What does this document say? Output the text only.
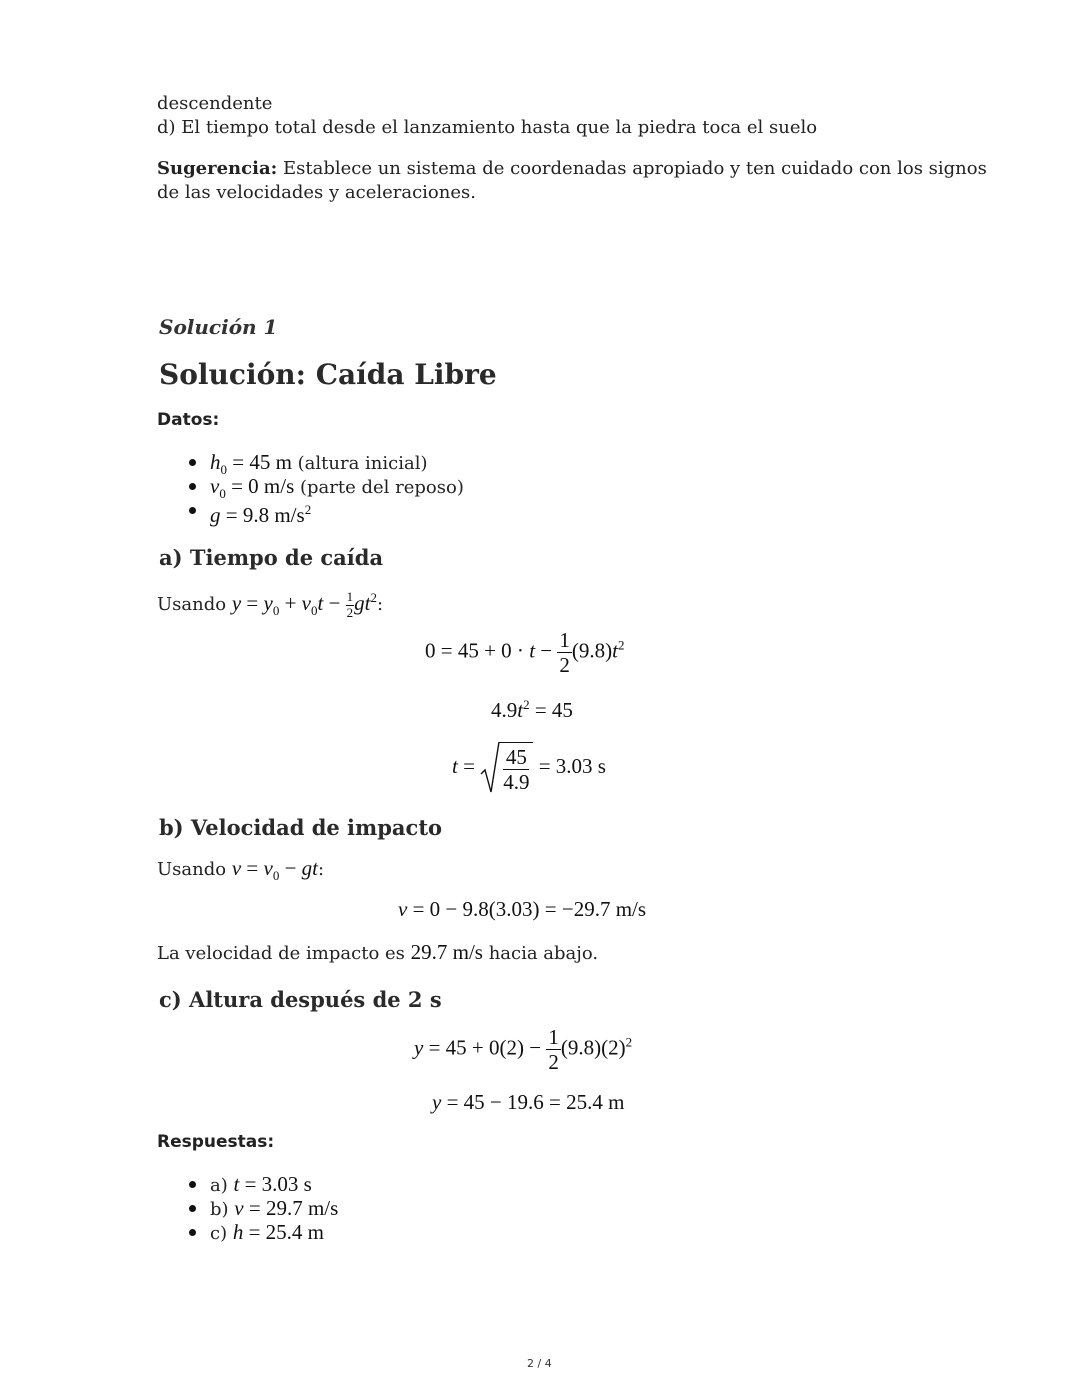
descendente
d) El tiempo total desde el lanzamiento hasta que la piedra toca el suelo
Sugerencia: Establece un sistema de coordenadas apropiado y ten cuidado con los signos
de las velocidades y aceleraciones.
Solución 1
Solución: Caída Libre
Datos:
$h_0 = 45$ m (altura inicial)
$v_0 = 0$ m/s (parte del reposo)
g = 9.8 $m/s^2$
a) Tiempo de caída
Usando $y = y_0 + v_0t - \frac{1}{2} gt^2$:
$0 = 45 + 0 \cdot t - \frac{1}{2} (9.8)t^2$
$4.9t^2 = 45$
$t = \frac{45}{4.9} = 3.03$ s
b) Velocidad de impacto
Usando $v = v_0$ − gt:
v = 0 − 9.8(3.03) = −29.7 m/s
La velocidad de impacto es 29.7 m/s hacia abajo.
c) Altura después de 2 s
$y = 45 + 0(2) - \frac{1}{2} (9.8)(2)^2$
y = 45 − 19.6 = 25.4 m
Respuestas:
a) t = 3.03 s
b) v = 29.7 m/s
c) h = 25.4 m
2 / 4
